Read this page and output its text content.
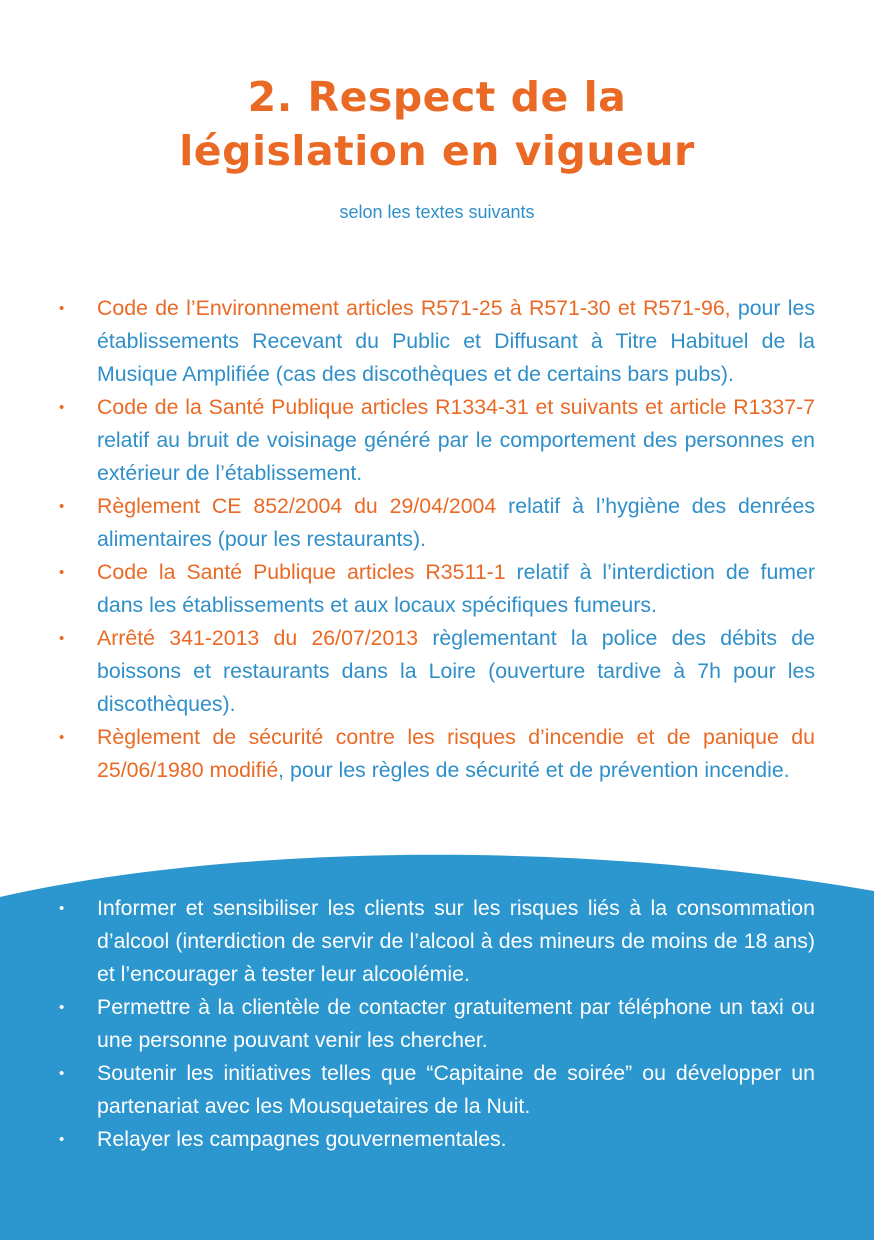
2. Respect de la
législation en vigueur
selon les textes suivants
• Code de l’Environnement articles R571-25 à R571-30 et R571-96, pour les établissements Recevant du Public et Diffusant à Titre Habituel de la Musique Amplifiée (cas des discothèques et de certains bars pubs).
• Code de la Santé Publique articles R1334-31 et suivants et article R1337-7 relatif au bruit de voisinage généré par le comportement des personnes en extérieur de l’établissement.
• Règlement CE 852/2004 du 29/04/2004 relatif à l’hygiène des denrées alimentaires (pour les restaurants).
• Code la Santé Publique articles R3511-1 relatif à l’interdiction de fumer dans les établissements et aux locaux spécifiques fumeurs.
• Arrêté 341-2013 du 26/07/2013 règlementant la police des débits de boissons et restaurants dans la Loire (ouverture tardive à 7h pour les discothèques).
• Règlement de sécurité contre les risques d’incendie et de panique du 25/06/1980 modifié, pour les règles de sécurité et de prévention incendie.
• Informer et sensibiliser les clients sur les risques liés à la consommation d’alcool (interdiction de servir de l’alcool à des mineurs de moins de 18 ans) et l’encourager à tester leur alcoolémie.
• Permettre à la clientèle de contacter gratuitement par téléphone un taxi ou une personne pouvant venir les chercher.
• Soutenir les initiatives telles que “Capitaine de soirée” ou développer un partenariat avec les Mousquetaires de la Nuit.
• Relayer les campagnes gouvernementales.
